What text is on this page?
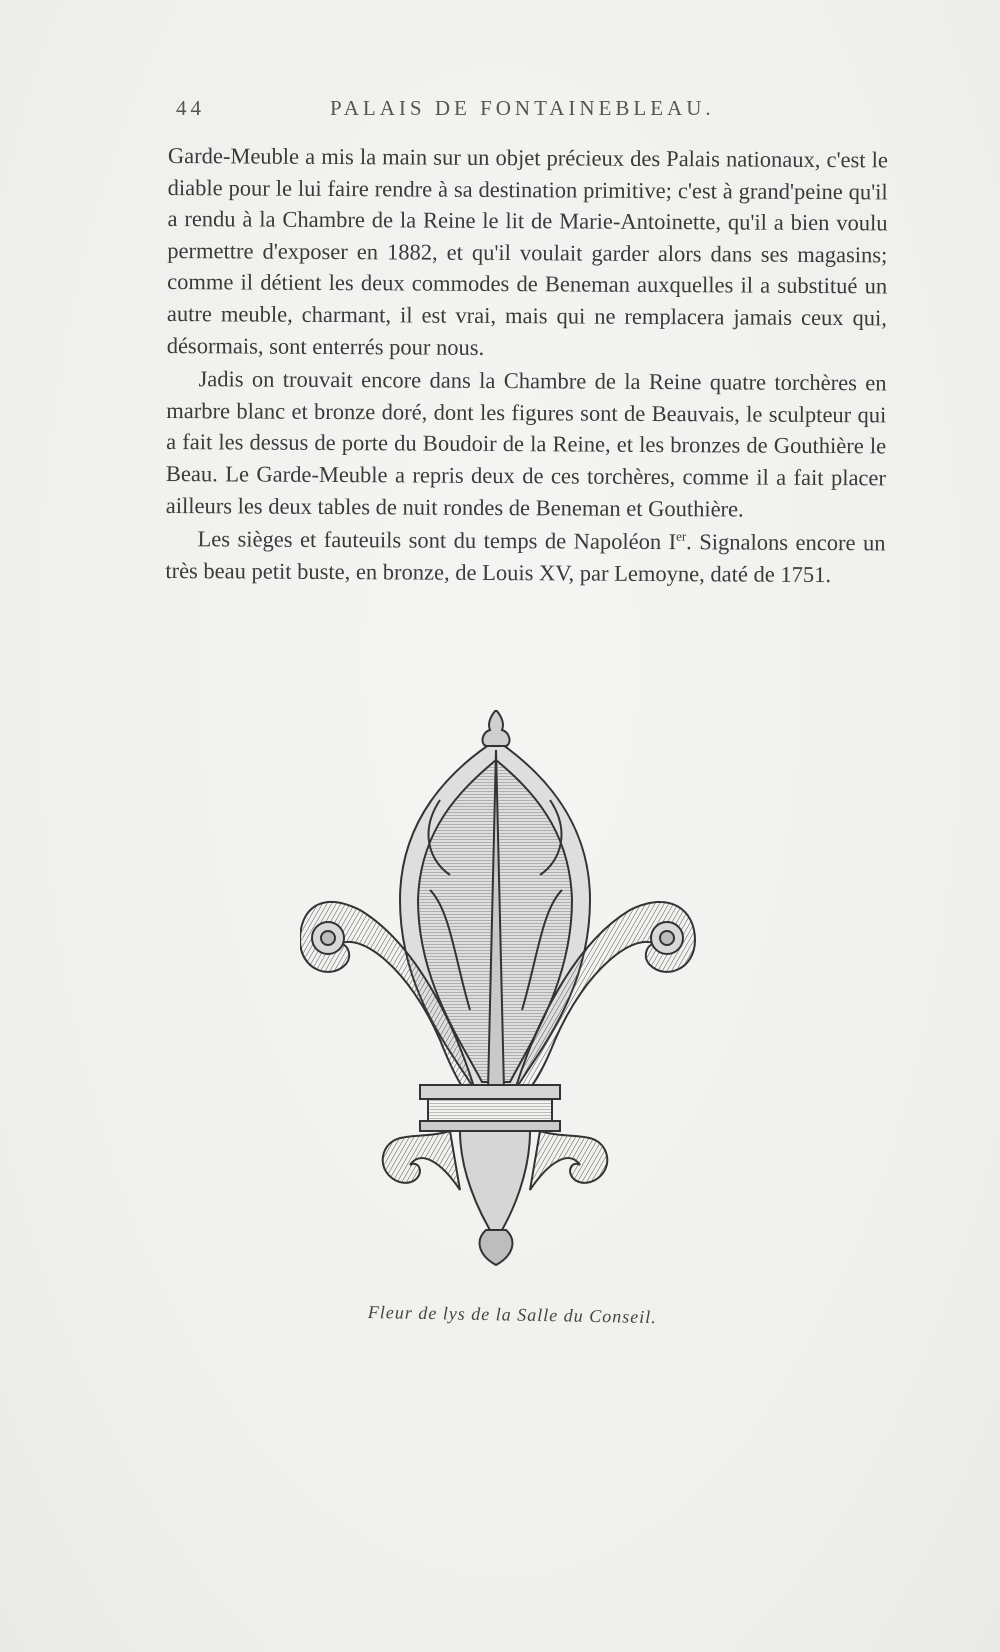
44	PALAIS DE FONTAINEBLEAU.

Garde-Meuble a mis la main sur un objet précieux des Palais nationaux, c'est le diable pour le lui faire rendre à sa destination primitive; c'est à grand'peine qu'il a rendu à la Chambre de la Reine le lit de Marie-Antoinette, qu'il a bien voulu permettre d'exposer en 1882, et qu'il voulait garder alors dans ses magasins; comme il détient les deux commodes de Beneman auxquelles il a substitué un autre meuble, charmant, il est vrai, mais qui ne remplacera jamais ceux qui, désormais, sont enterrés pour nous.

Jadis on trouvait encore dans la Chambre de la Reine quatre torchères en marbre blanc et bronze doré, dont les figures sont de Beauvais, le sculpteur qui a fait les dessus de porte du Boudoir de la Reine, et les bronzes de Gouthière le Beau. Le Garde-Meuble a repris deux de ces torchères, comme il a fait placer ailleurs les deux tables de nuit rondes de Beneman et Gouthière.

Les sièges et fauteuils sont du temps de Napoléon Ier. Signalons encore un très beau petit buste, en bronze, de Louis XV, par Lemoyne, daté de 1751.

Fleur de lys de la Salle du Conseil.
